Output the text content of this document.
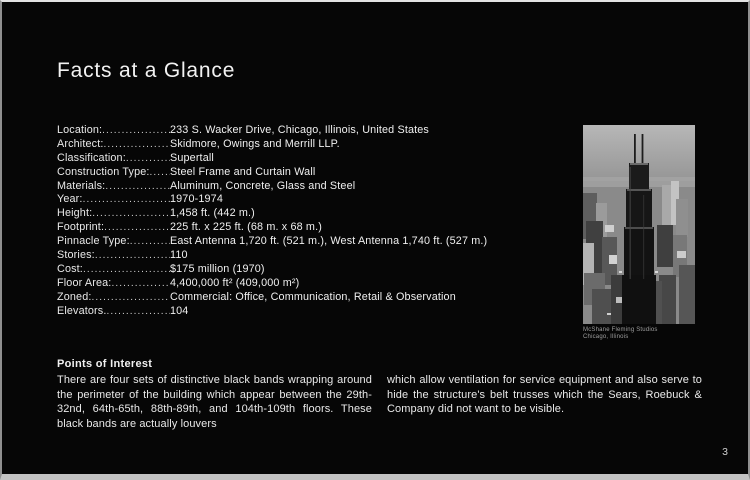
Facts at a Glance
Location: .....	233 S. Wacker Drive, Chicago, Illinois, United States
Architect: .....	Skidmore, Owings and Merrill LLP.
Classification: .....	Supertall
Construction Type: ..... Steel Frame and Curtain Wall
Materials: .....	Aluminum, Concrete, Glass and Steel
Year: .....	1970-1974
Height: .....	1,458 ft. (442 m.)
Footprint: .....	225 ft. x 225 ft. (68 m. x 68 m.)
Pinnacle Type: .....	East Antenna 1,720 ft. (521 m.), West Antenna 1,740 ft. (527 m.)
Stories: .....	110
Cost: .....	$175 million (1970)
Floor Area: .....	4,400,000 ft² (409,000 m²)
Zoned: .....	Commercial: Office, Communication, Retail & Observation
Elevators. .....	104
McShane Fleming Studios
Chicago, Illinois
Points of Interest
There are four sets of distinctive black bands wrapping around the perimeter of the building which appear between the 29th-32nd, 64th-65th, 88th-89th, and 104th-109th floors. These black bands are actually louvers
which allow ventilation for service equipment and also serve to hide the structure's belt trusses which the Sears, Roebuck & Company did not want to be visible.
3
